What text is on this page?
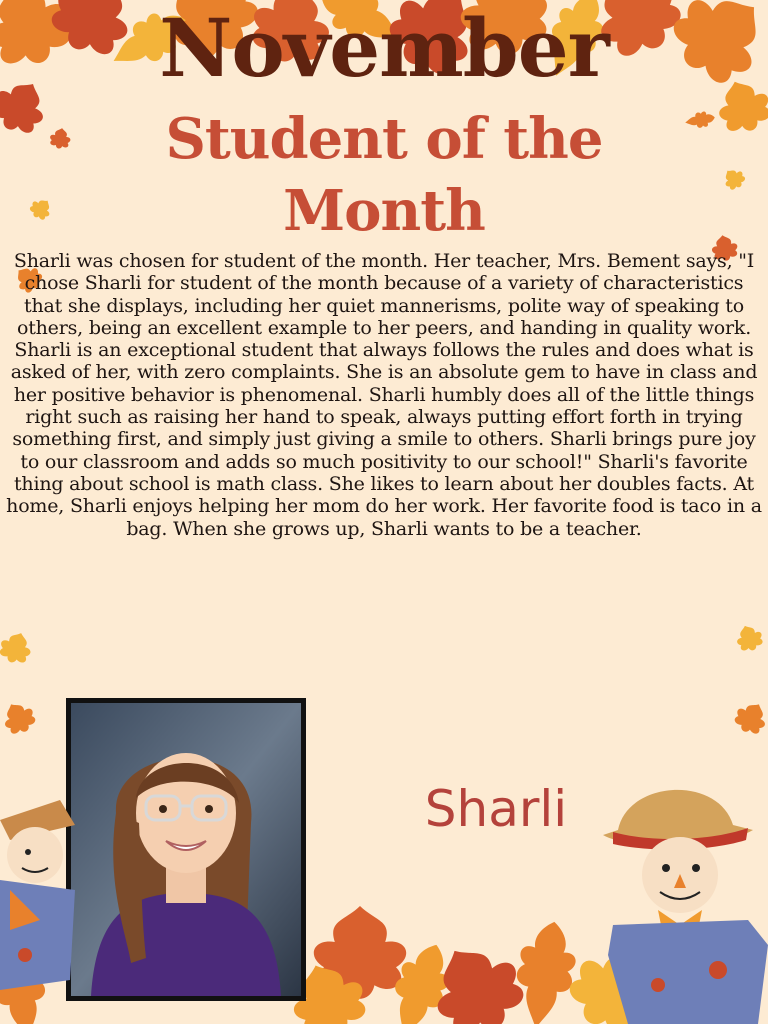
November
Student of the
Month

Sharli was chosen for student of the month. Her teacher, Mrs. Bement says, "I chose Sharli for student of the month because of a variety of characteristics that she displays, including her quiet mannerisms, polite way of speaking to others, being an excellent example to her peers, and handing in quality work. Sharli is an exceptional student that always follows the rules and does what is asked of her, with zero complaints. She is an absolute gem to have in class and her positive behavior is phenomenal. Sharli humbly does all of the little things right such as raising her hand to speak, always putting effort forth in trying something first, and simply just giving a smile to others. Sharli brings pure joy to our classroom and adds so much positivity to our school!" Sharli's favorite thing about school is math class. She likes to learn about her doubles facts. At home, Sharli enjoys helping her mom do her work. Her favorite food is taco in a bag. When she grows up, Sharli wants to be a teacher.

Sharli
